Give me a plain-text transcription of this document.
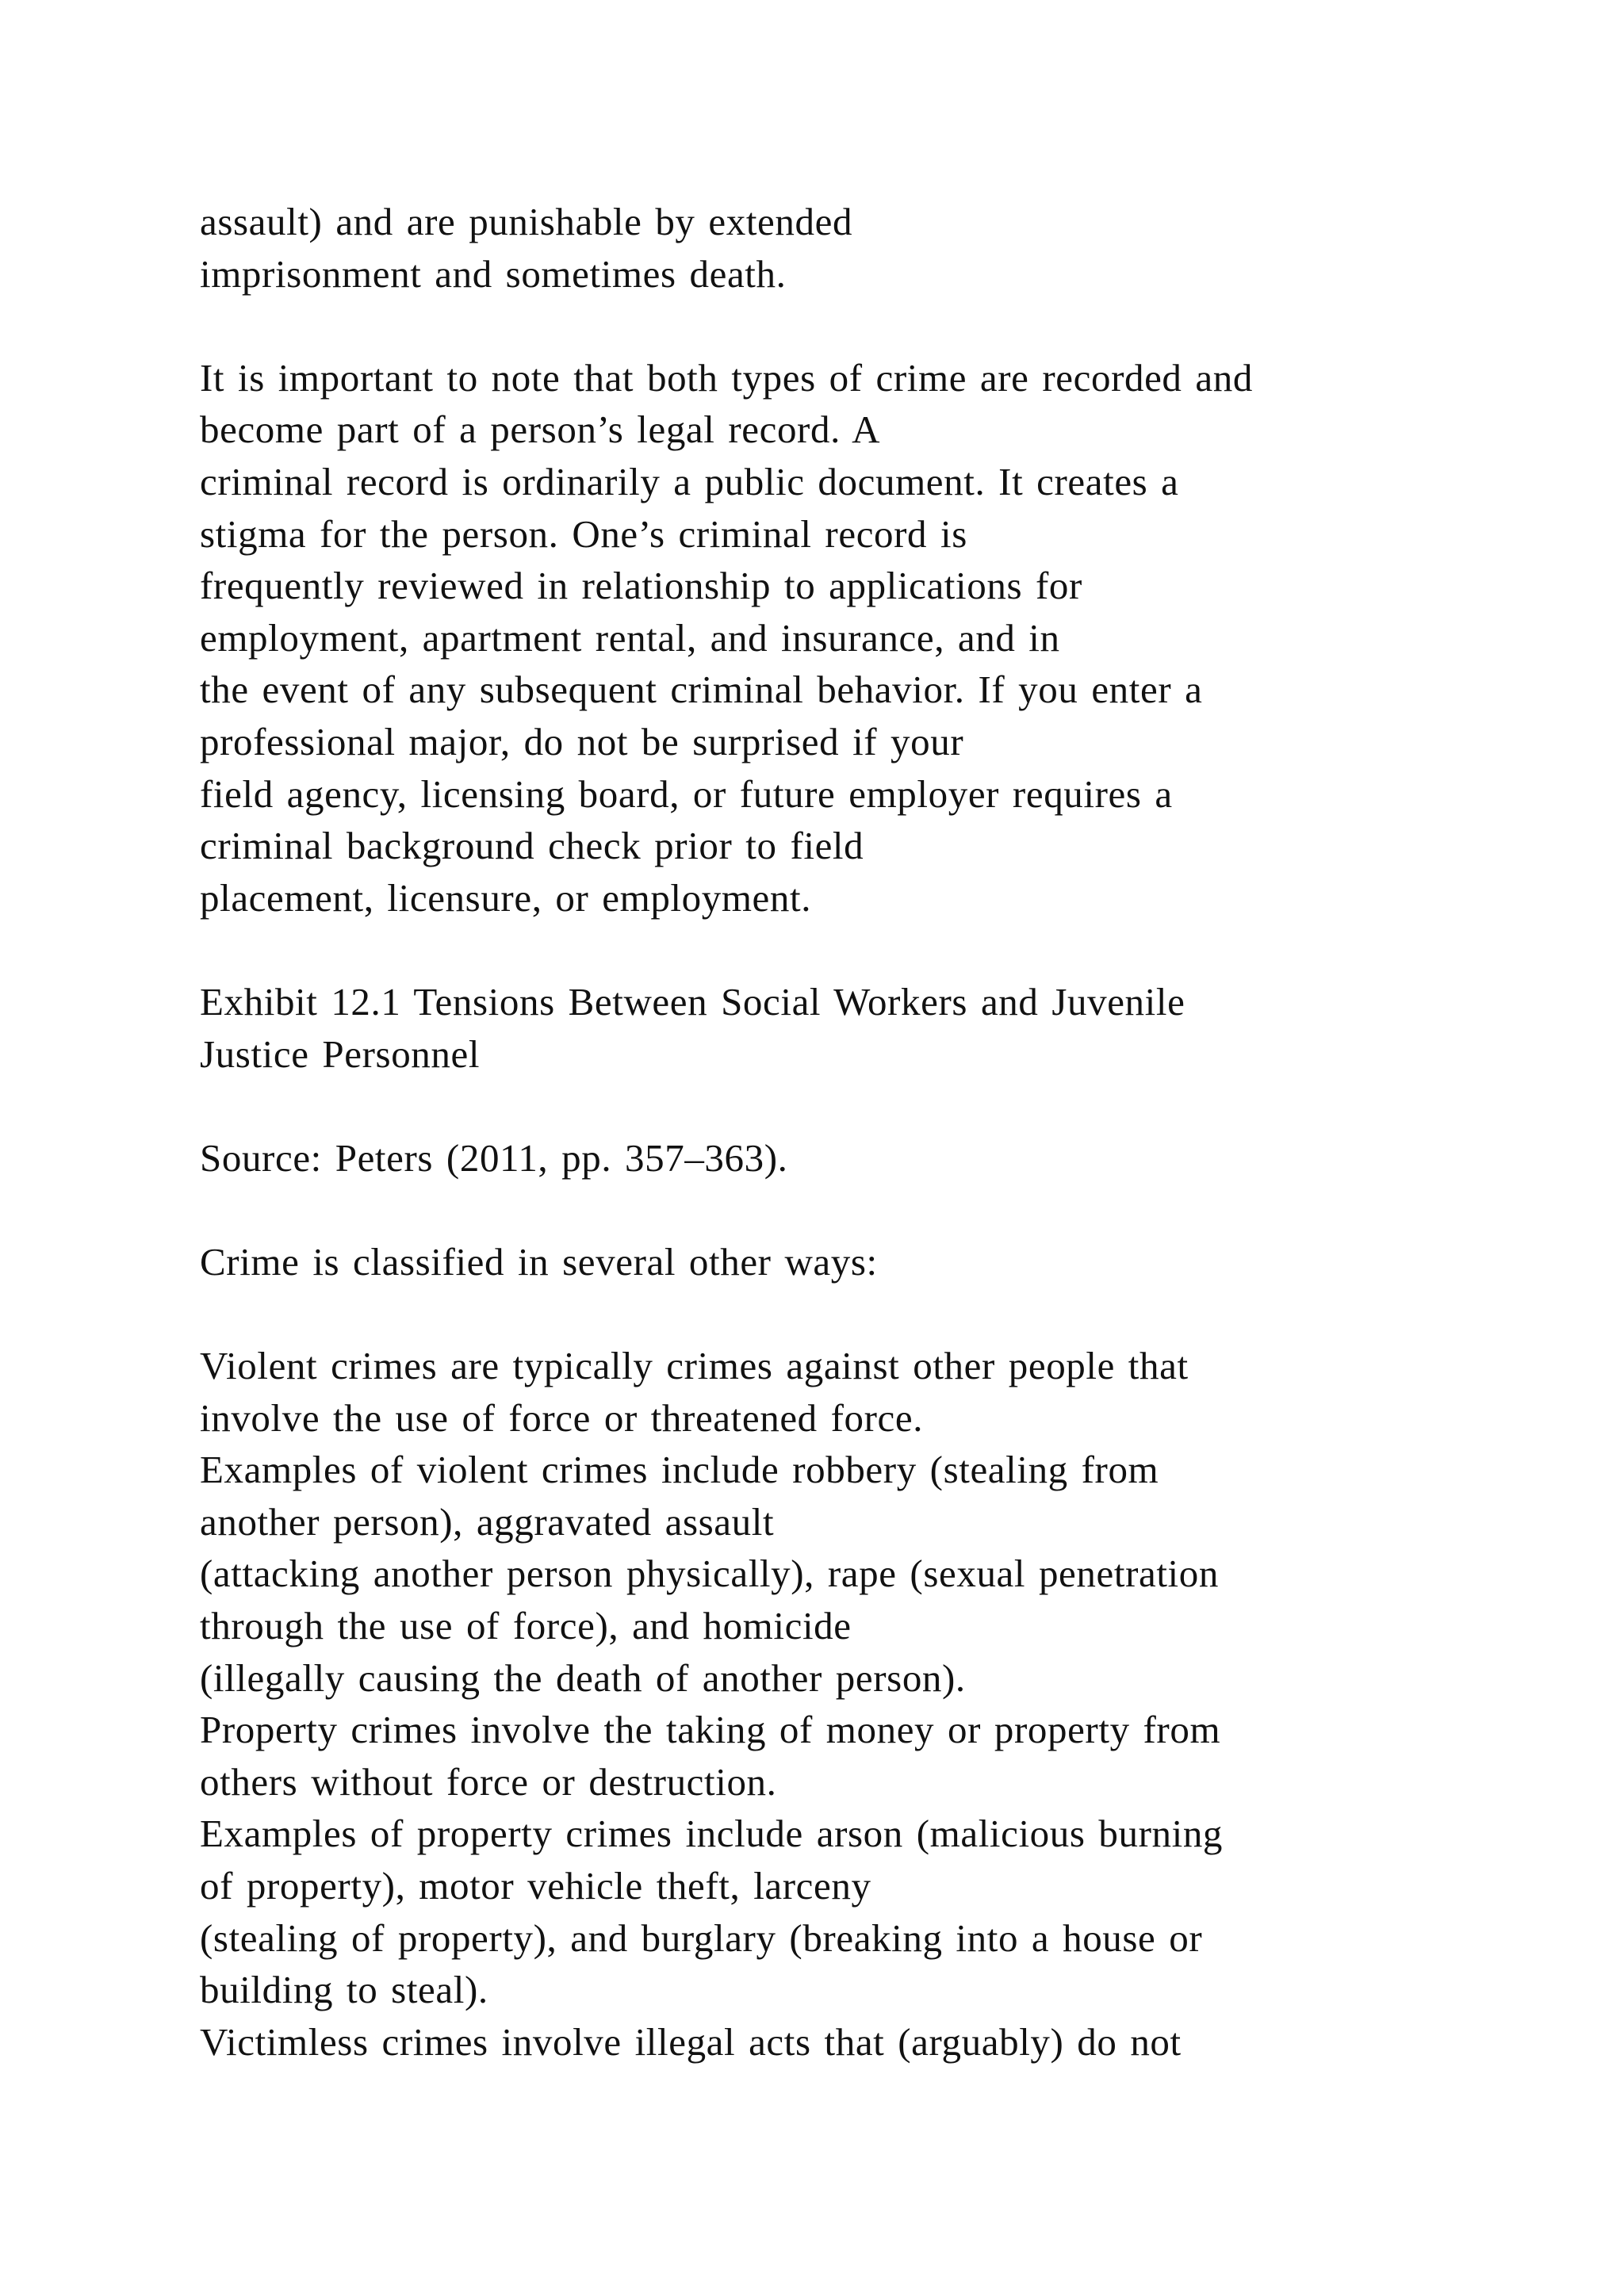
assault) and are punishable by extended
imprisonment and sometimes death.
It is important to note that both types of crime are recorded and
become part of a person’s legal record. A
criminal record is ordinarily a public document. It creates a
stigma for the person. One’s criminal record is
frequently reviewed in relationship to applications for
employment, apartment rental, and insurance, and in
the event of any subsequent criminal behavior. If you enter a
professional major, do not be surprised if your
field agency, licensing board, or future employer requires a
criminal background check prior to field
placement, licensure, or employment.
Exhibit 12.1 Tensions Between Social Workers and Juvenile
Justice Personnel
Source: Peters (2011, pp. 357–363).
Crime is classified in several other ways:
Violent crimes are typically crimes against other people that
involve the use of force or threatened force.
Examples of violent crimes include robbery (stealing from
another person), aggravated assault
(attacking another person physically), rape (sexual penetration
through the use of force), and homicide
(illegally causing the death of another person).
Property crimes involve the taking of money or property from
others without force or destruction.
Examples of property crimes include arson (malicious burning
of property), motor vehicle theft, larceny
(stealing of property), and burglary (breaking into a house or
building to steal).
Victimless crimes involve illegal acts that (arguably) do not
